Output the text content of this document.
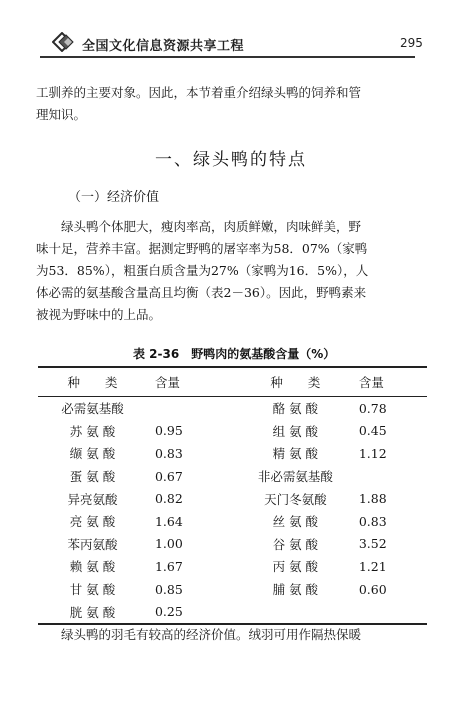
全国文化信息资源共享工程	295

工驯养的主要对象。因此，本节着重介绍绿头鸭的饲养和管
理知识。

一、绿头鸭的特点
（一）经济价值

　　绿头鸭个体肥大，瘦肉率高，肉质鲜嫩，肉味鲜美，野
味十足，营养丰富。据测定野鸭的屠宰率为58．07%（家鸭
为53．85%），粗蛋白质含量为27%（家鸭为16．5%），人
体必需的氨基酸含量高且均衡（表2－36）。因此，野鸭素来
被视为野味中的上品。

表 2-36　野鸭肉的氨基酸含量（%）
种　　类	含量	种　　类	含量
必需氨基酸		酪 氨 酸	0.78
苏 氨 酸	0.95	组 氨 酸	0.45
缬 氨 酸	0.83	精 氨 酸	1.12
蛋 氨 酸	0.67	非必需氨基酸	
异亮氨酸	0.82	天门冬氨酸	1.88
亮 氨 酸	1.64	丝 氨 酸	0.83
苯丙氨酸	1.00	谷 氨 酸	3.52
赖 氨 酸	1.67	丙 氨 酸	1.21
甘 氨 酸	0.85	脯 氨 酸	0.60
胱 氨 酸	0.25		

　　绿头鸭的羽毛有较高的经济价值。绒羽可用作隔热保暖
